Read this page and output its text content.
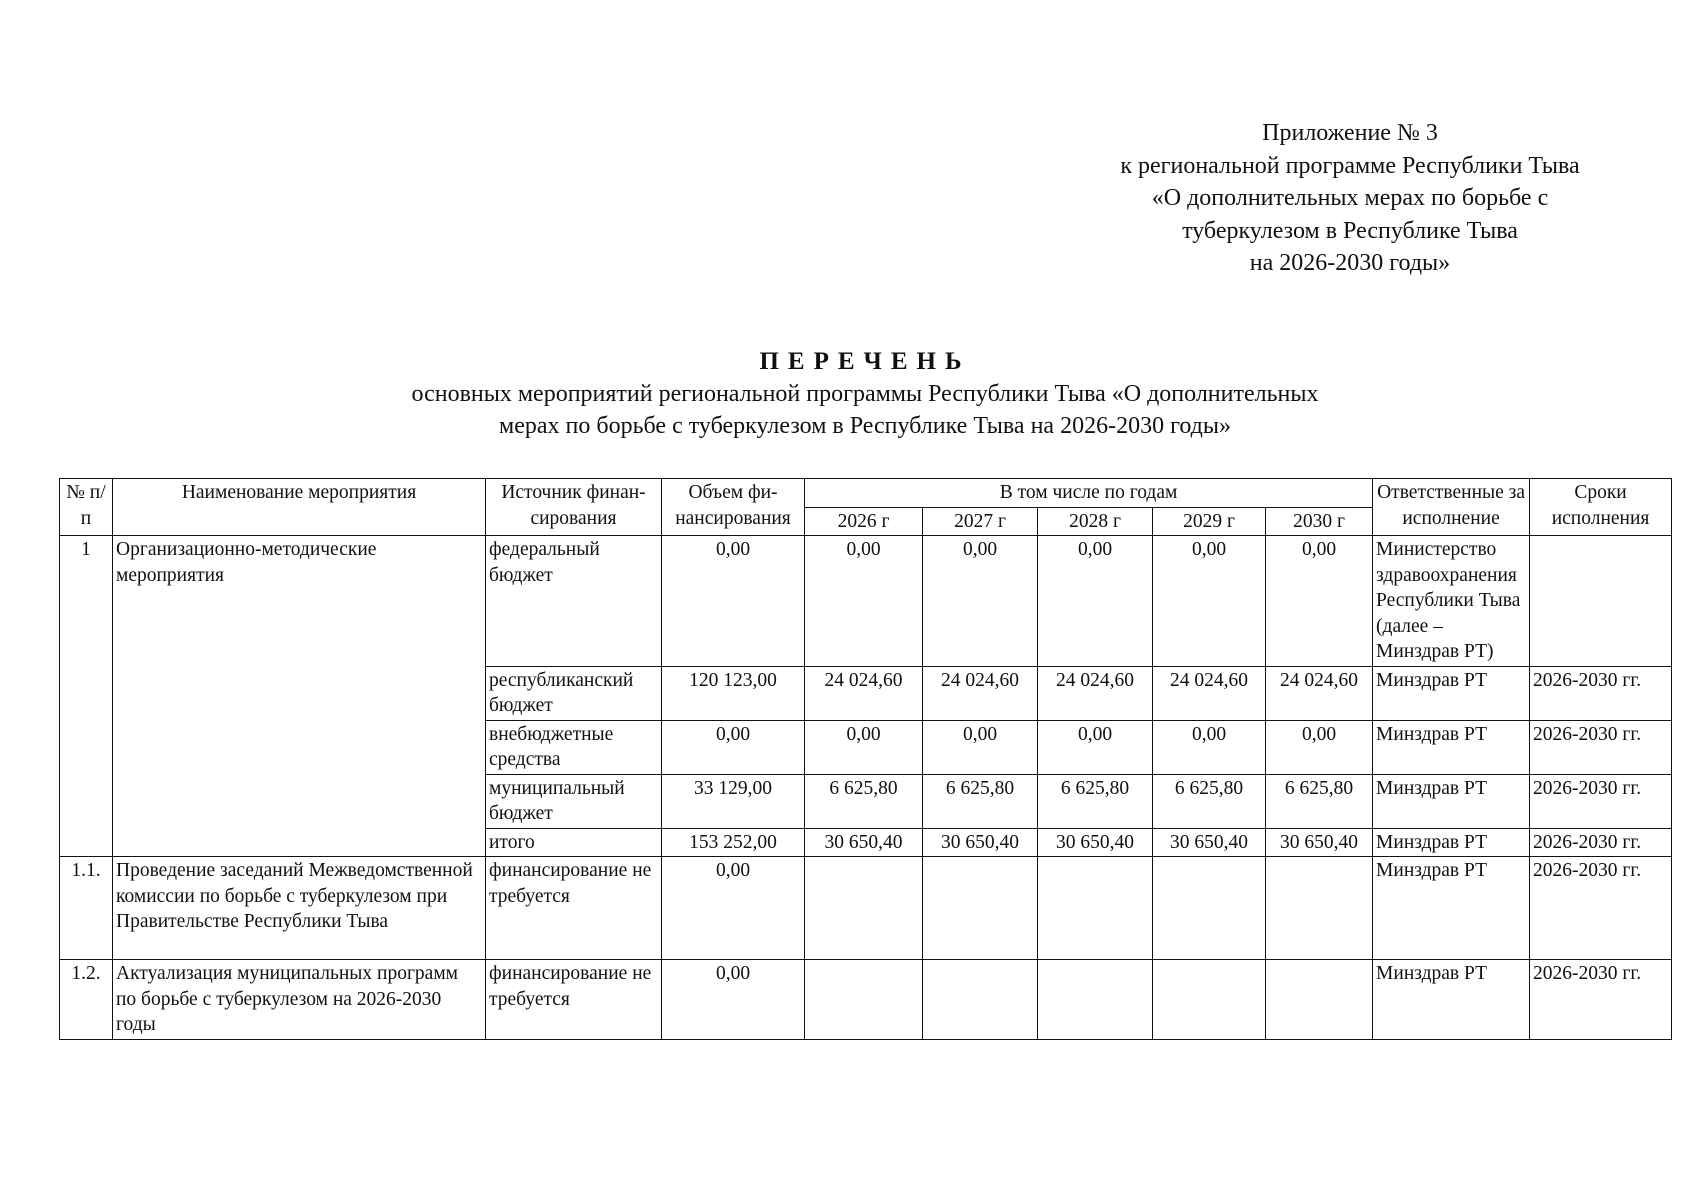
Приложение № 3
к региональной программе Республики Тыва
«О дополнительных мерах по борьбе с
туберкулезом в Республике Тыва
на 2026-2030 годы»
ПЕРЕЧЕНЬ
основных мероприятий региональной программы Республики Тыва «О дополнительных
мерах по борьбе с туберкулезом в Республике Тыва на 2026-2030 годы»
№ п/п	Наименование мероприятия	Источник финан-сирования	Объем фи-нансирования	В том числе по годам					Ответственные за исполнение	Сроки исполнения
				2026 г	2027 г	2028 г	2029 г	2030 г		
1	Организационно-методические мероприятия	федеральный бюджет	0,00	0,00	0,00	0,00	0,00	0,00	Министерство здравоохранения Республики Тыва (далее – Минздрав РТ)	
		республиканский бюджет	120 123,00	24 024,60	24 024,60	24 024,60	24 024,60	24 024,60	Минздрав РТ	2026-2030 гг.
		внебюджетные средства	0,00	0,00	0,00	0,00	0,00	0,00	Минздрав РТ	2026-2030 гг.
		муниципальный бюджет	33 129,00	6 625,80	6 625,80	6 625,80	6 625,80	6 625,80	Минздрав РТ	2026-2030 гг.
		итого	153 252,00	30 650,40	30 650,40	30 650,40	30 650,40	30 650,40	Минздрав РТ	2026-2030 гг.
1.1.	Проведение заседаний Межведомственной комиссии по борьбе с туберкулезом при Правительстве Республики Тыва	финансирование не требуется	0,00						Минздрав РТ	2026-2030 гг.
1.2.	Актуализация муниципальных программ по борьбе с туберкулезом на 2026-2030 годы	финансирование не требуется	0,00						Минздрав РТ	2026-2030 гг.
